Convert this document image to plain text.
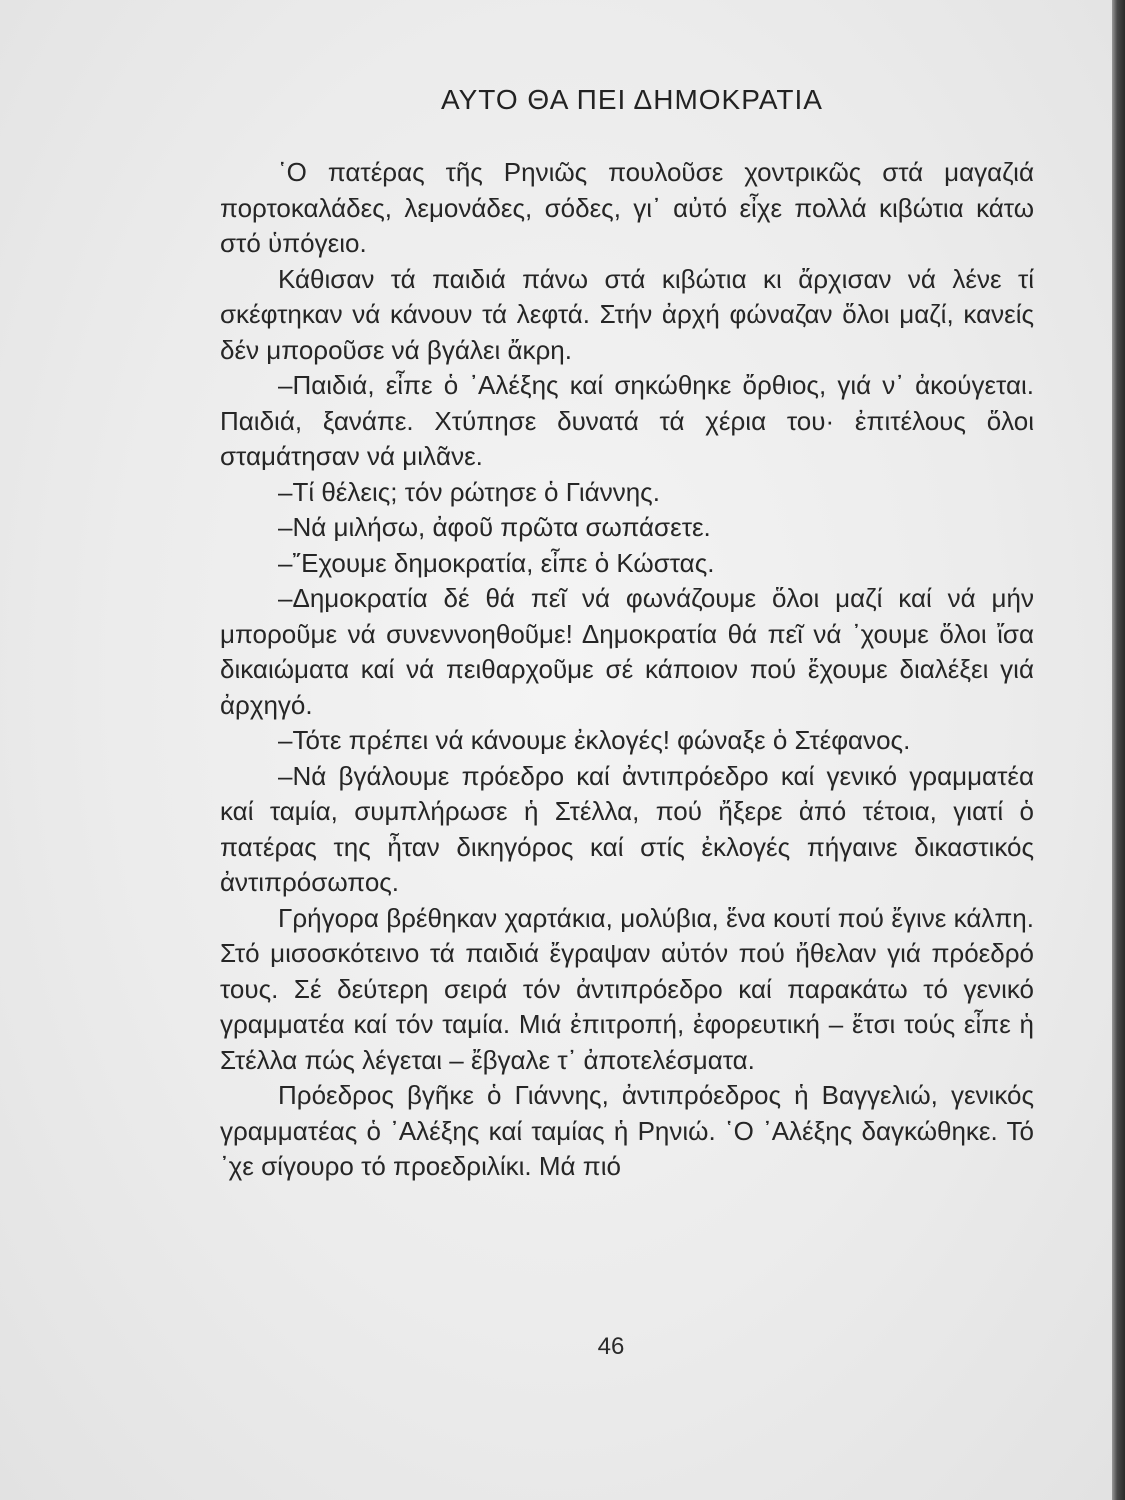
ΑΥΤΟ ΘΑ ΠΕΙ ΔΗΜΟΚΡΑΤΙΑ

῾Ο πατέρας τῆς Ρηνιῶς πουλοῦσε χοντρικῶς στά μαγαζιά πορτοκαλάδες, λεμονάδες, σόδες, γι᾿ αὐτό εἶχε πολλά κιβώτια κάτω στό ὑπόγειο.

Κάθισαν τά παιδιά πάνω στά κιβώτια κι ἄρχισαν νά λένε τί σκέφτηκαν νά κάνουν τά λεφτά. Στήν ἀρχή φώναζαν ὅλοι μαζί, κανείς δέν μποροῦσε νά βγάλει ἄκρη.

–Παιδιά, εἶπε ὁ ᾿Αλέξης καί σηκώθηκε ὄρθιος, γιά ν᾿ ἀκούγεται. Παιδιά, ξανάπε. Χτύπησε δυνατά τά χέρια του· ἐπιτέλους ὅλοι σταμάτησαν νά μιλᾶνε.

–Τί θέλεις; τόν ρώτησε ὁ Γιάννης.

–Νά μιλήσω, ἀφοῦ πρῶτα σωπάσετε.

–῎Εχουμε δημοκρατία, εἶπε ὁ Κώστας.

–Δημοκρατία δέ θά πεῖ νά φωνάζουμε ὅλοι μαζί καί νά μήν μποροῦμε νά συνεννοηθοῦμε! Δημοκρατία θά πεῖ νά ᾿χουμε ὅλοι ἴσα δικαιώματα καί νά πειθαρχοῦμε σέ κάποιον πού ἔχουμε διαλέξει γιά ἀρχηγό.

–Τότε πρέπει νά κάνουμε ἐκλογές! φώναξε ὁ Στέφανος.

–Νά βγάλουμε πρόεδρο καί ἀντιπρόεδρο καί γενικό γραμματέα καί ταμία, συμπλήρωσε ἡ Στέλλα, πού ἤξερε ἀπό τέτοια, γιατί ὁ πατέρας της ἦταν δικηγόρος καί στίς ἐκλογές πήγαινε δικαστικός ἀντιπρόσωπος.

Γρήγορα βρέθηκαν χαρτάκια, μολύβια, ἕνα κουτί πού ἔγινε κάλπη. Στό μισοσκότεινο τά παιδιά ἔγραψαν αὐτόν πού ἤθελαν γιά πρόεδρό τους. Σέ δεύτερη σειρά τόν ἀντιπρόεδρο καί παρακάτω τό γενικό γραμματέα καί τόν ταμία. Μιά ἐπιτροπή, ἐφορευτική – ἔτσι τούς εἶπε ἡ Στέλλα πώς λέγεται – ἔβγαλε τ᾿ ἀποτελέσματα.

Πρόεδρος βγῆκε ὁ Γιάννης, ἀντιπρόεδρος ἡ Βαγγελιώ, γενικός γραμματέας ὁ ᾿Αλέξης καί ταμίας ἡ Ρηνιώ. ῾Ο ᾿Αλέξης δαγκώθηκε. Τό ᾿χε σίγουρο τό προεδριλίκι. Μά πιό

46
